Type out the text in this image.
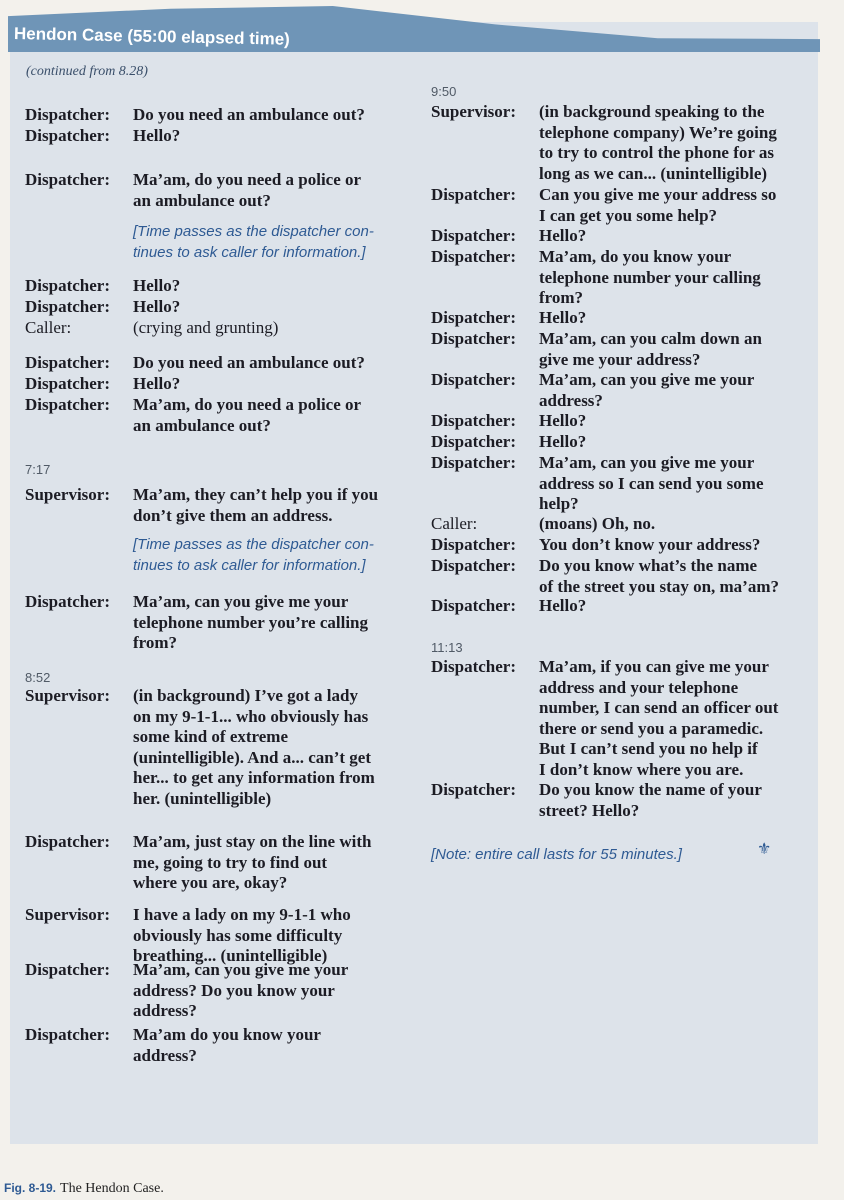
Hendon Case (55:00 elapsed time)
(continued from 8.28)
Dispatcher: Do you need an ambulance out?
Dispatcher: Hello?
Dispatcher: Ma’am, do you need a police or
an ambulance out?
[Time passes as the dispatcher con-
tinues to ask caller for information.]
Dispatcher: Hello?
Dispatcher: Hello?
Caller:	(crying and grunting)
Dispatcher: Do you need an ambulance out?
Dispatcher: Hello?
Dispatcher: Ma’am, do you need a police or
an ambulance out?
7:17
Supervisor: Ma’am, they can’t help you if you
don’t give them an address.
[Time passes as the dispatcher con-
tinues to ask caller for information.]
Dispatcher: Ma’am, can you give me your
telephone number you’re calling
from?
8:52
Supervisor: (in background) I’ve got a lady
on my 9-1-1... who obviously has
some kind of extreme
(unintelligible). And a... can’t get
her... to get any information from
her. (unintelligible)
Dispatcher: Ma’am, just stay on the line with
me, going to try to find out
where you are, okay?
Supervisor: I have a lady on my 9-1-1 who
obviously has some difficulty
breathing... (unintelligible)
Dispatcher: Ma’am, can you give me your
address? Do you know your
address?
Dispatcher: Ma’am do you know your
address?
9:50
Supervisor: (in background speaking to the
telephone company) We’re going
to try to control the phone for as
long as we can... (unintelligible)
Dispatcher: Can you give me your address so
I can get you some help?
Dispatcher: Hello?
Dispatcher: Ma’am, do you know your
telephone number your calling
from?
Dispatcher: Hello?
Dispatcher: Ma’am, can you calm down an
give me your address?
Dispatcher: Ma’am, can you give me your
address?
Dispatcher: Hello?
Dispatcher: Hello?
Dispatcher: Ma’am, can you give me your
address so I can send you some
help?
Caller:	(moans) Oh, no.
Dispatcher: You don’t know your address?
Dispatcher: Do you know what’s the name
of the street you stay on, ma’am?
Dispatcher: Hello?
11:13
Dispatcher: Ma’am, if you can give me your
address and your telephone
number, I can send an officer out
there or send you a paramedic.
But I can’t send you no help if
I don’t know where you are.
Dispatcher: Do you know the name of your
street? Hello?
[Note: entire call lasts for 55 minutes.]	⚜
Fig. 8-19. The Hendon Case.
